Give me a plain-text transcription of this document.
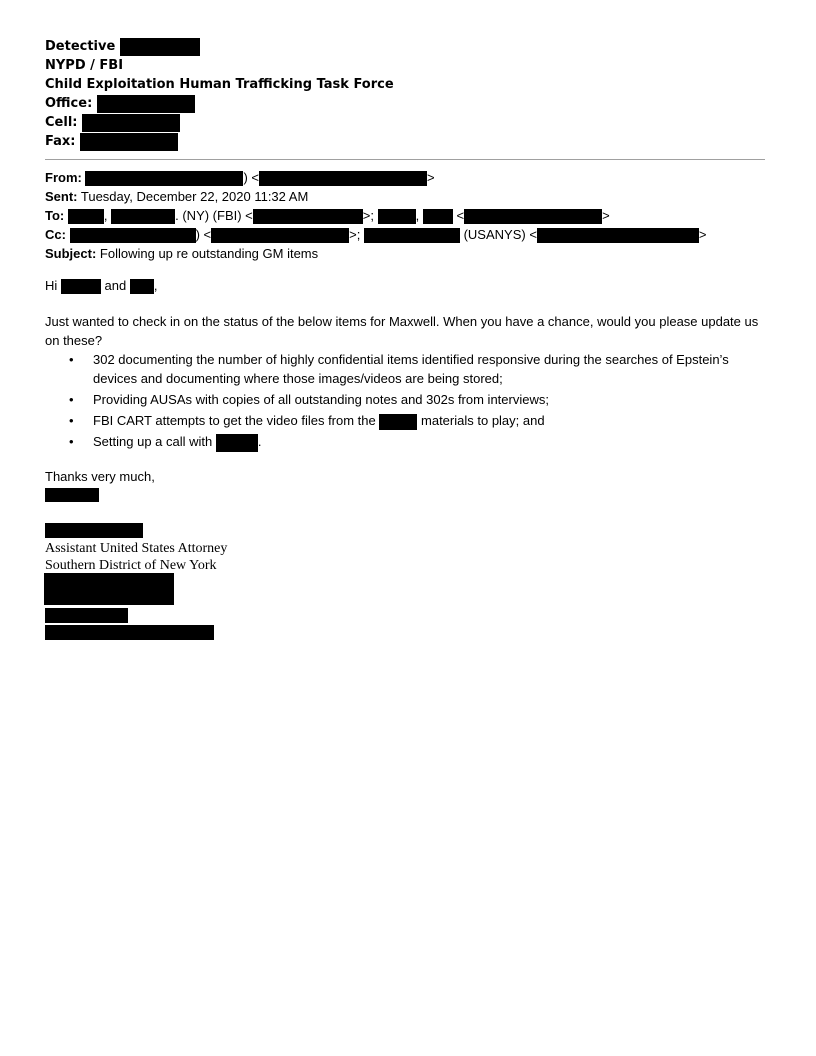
Detective
NYPD / FBI
Child Exploitation Human Trafficking Task Force
Office:
Cell:
Fax:
From:	) <	>
Sent: Tuesday, December 22, 2020 11:32 AM
To:	,	. (NY) (FBI) <	>;	,	<	>
Cc:	) <	>;	(USANYS) <	>
Subject: Following up re outstanding GM items
Hi	and ,
Just wanted to check in on the status of the below items for Maxwell. When you have a chance, would you please update us on these?
• 302 documenting the number of highly confidential items identified responsive during the searches of Epstein’s devices and documenting where those images/videos are being stored;
• Providing AUSAs with copies of all outstanding notes and 302s from interviews;
• FBI CART attempts to get the video files from the	materials to play; and
• Setting up a call with	.
Thanks very much,
Assistant United States Attorney
Southern District of New York
